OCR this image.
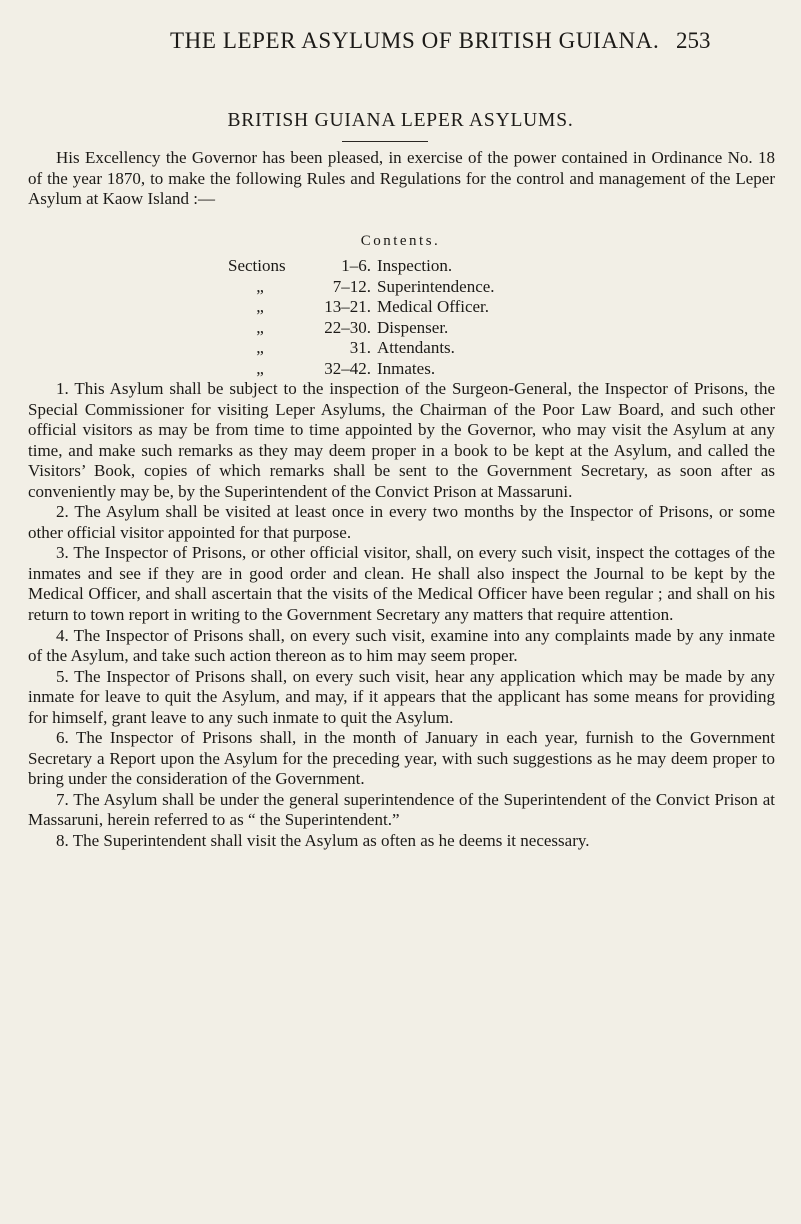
THE LEPER ASYLUMS OF BRITISH GUIANA. 253
BRITISH GUIANA LEPER ASYLUMS.

His Excellency the Governor has been pleased, in exercise of the power contained in Ordinance No. 18 of the year 1870, to make the following Rules and Regulations for the control and management of the Leper Asylum at Kaow Island :—

Contents.
Sections	1–6. Inspection.
„	7–12. Superintendence.
„	13–21. Medical Officer.
„	22–30. Dispenser.
„	31. Attendants.
„	32–42. Inmates.

1. This Asylum shall be subject to the inspection of the Surgeon-General, the Inspector of Prisons, the Special Commissioner for visiting Leper Asylums, the Chairman of the Poor Law Board, and such other official visitors as may be from time to time appointed by the Governor, who may visit the Asylum at any time, and make such remarks as they may deem proper in a book to be kept at the Asylum, and called the Visitors’ Book, copies of which remarks shall be sent to the Government Secretary, as soon after as conveniently may be, by the Superintendent of the Convict Prison at Massaruni.

2. The Asylum shall be visited at least once in every two months by the Inspector of Prisons, or some other official visitor appointed for that purpose.

3. The Inspector of Prisons, or other official visitor, shall, on every such visit, inspect the cottages of the inmates and see if they are in good order and clean. He shall also inspect the Journal to be kept by the Medical Officer, and shall ascertain that the visits of the Medical Officer have been regular ; and shall on his return to town report in writing to the Government Secretary any matters that require attention.

4. The Inspector of Prisons shall, on every such visit, examine into any complaints made by any inmate of the Asylum, and take such action thereon as to him may seem proper.

5. The Inspector of Prisons shall, on every such visit, hear any application which may be made by any inmate for leave to quit the Asylum, and may, if it appears that the applicant has some means for providing for himself, grant leave to any such inmate to quit the Asylum.

6. The Inspector of Prisons shall, in the month of January in each year, furnish to the Government Secretary a Report upon the Asylum for the preceding year, with such suggestions as he may deem proper to bring under the consideration of the Government.

7. The Asylum shall be under the general superintendence of the Superintendent of the Convict Prison at Massaruni, herein referred to as “ the Superintendent.”

8. The Superintendent shall visit the Asylum as often as he deems it necessary.
